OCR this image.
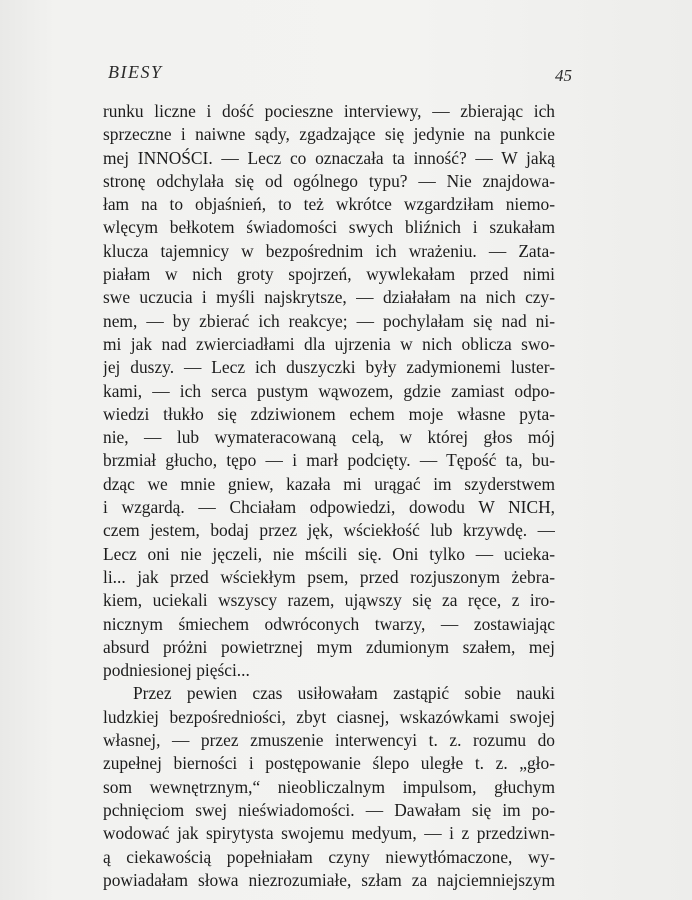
BIESY	45
runku liczne i dość pocieszne interviewy, — zbierając ich
sprzeczne i naiwne sądy, zgadzające się jedynie na punkcie
mej INNOŚCI. — Lecz co oznaczała ta inność? — W jaką
stronę odchylała się od ogólnego typu? — Nie znajdowa-
łam na to objaśnień, to też wkrótce wzgardziłam niemo-
wlęcym bełkotem świadomości swych bliźnich i szukałam
klucza tajemnicy w bezpośrednim ich wrażeniu. — Zata-
piałam w nich groty spojrzeń, wywlekałam przed nimi
swe uczucia i myśli najskrytsze, — działałam na nich czy-
nem, — by zbierać ich reakcye; — pochylałam się nad ni-
mi jak nad zwierciadłami dla ujrzenia w nich oblicza swo-
jej duszy. — Lecz ich duszyczki były zadymionemi luster-
kami, — ich serca pustym wąwozem, gdzie zamiast odpo-
wiedzi tłukło się zdziwionem echem moje własne pyta-
nie, — lub wymateracowaną celą, w której głos mój
brzmiał głucho, tępo — i marł podcięty. — Tępość ta, bu-
dząc we mnie gniew, kazała mi urągać im szyderstwem
i wzgardą. — Chciałam odpowiedzi, dowodu W NICH,
czem jestem, bodaj przez jęk, wściekłość lub krzywdę. —
Lecz oni nie jęczeli, nie mścili się. Oni tylko — uciekа-
li... jak przed wściekłym psem, przed rozjuszonym żebra-
kiem, uciekali wszyscy razem, ująwszy się za ręce, z iro-
nicznym śmiechem odwróconych twarzy, — zostawiając
absurd próżni powietrznej mym zdumionym szałem, mej
podniesionej pięści...
Przez pewien czas usiłowałam zastąpić sobie nauki
ludzkiej bezpośredniości, zbyt ciasnej, wskazówkami swojej
własnej, — przez zmuszenie interwencyi t. z. rozumu do
zupełnej bierności i postępowanie ślepo uległe t. z. „gło-
som wewnętrznym,“ nieobliczalnym impulsom, głuchym
pchnięciom swej nieświadomości. — Dawałam się im po-
wodować jak spirytysta swojemu medyum, — i z przedziwn-
ą ciekawością popełniałam czyny niewytłómaczone, wy-
powiadałam słowa niezrozumiałe, szłam za najciemniejszym
